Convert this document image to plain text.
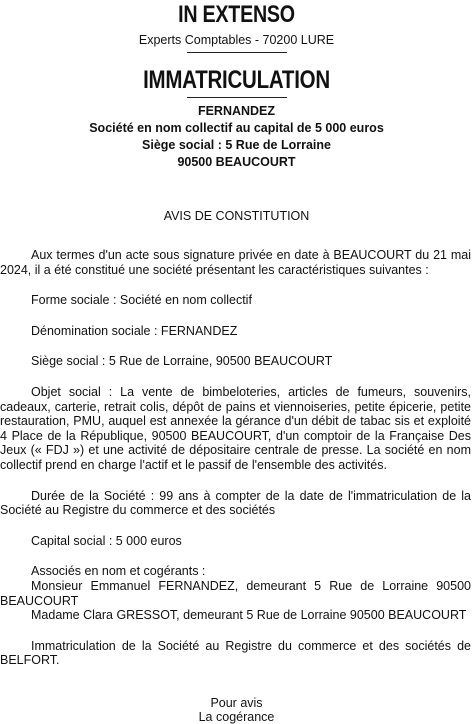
IN EXTENSO
Experts Comptables - 70200 LURE
IMMATRICULATION
FERNANDEZ
Société en nom collectif au capital de 5 000 euros
Siège social : 5 Rue de Lorraine
90500 BEAUCOURT
AVIS DE CONSTITUTION

Aux termes d'un acte sous signature privée en date à BEAUCOURT du 21 mai 2024, il a été constitué une société présentant les caractéristiques suivantes :

Forme sociale : Société en nom collectif

Dénomination sociale : FERNANDEZ

Siège social : 5 Rue de Lorraine, 90500 BEAUCOURT

Objet social : La vente de bimbeloteries, articles de fumeurs, souvenirs, cadeaux, carterie, retrait colis, dépôt de pains et viennoiseries, petite épicerie, petite restauration, PMU, auquel est annexée la gérance d'un débit de tabac sis et exploité 4 Place de la République, 90500 BEAUCOURT, d'un comptoir de la Française Des Jeux (« FDJ ») et une activité de dépositaire centrale de presse. La société en nom collectif prend en charge l'actif et le passif de l'ensemble des activités.

Durée de la Société : 99 ans à compter de la date de l'immatriculation de la Société au Registre du commerce et des sociétés

Capital social : 5 000 euros

Associés en nom et cogérants :

Monsieur Emmanuel FERNANDEZ, demeurant 5 Rue de Lorraine 90500 BEAUCOURT

Madame Clara GRESSOT, demeurant 5 Rue de Lorraine 90500 BEAUCOURT

Immatriculation de la Société au Registre du commerce et des sociétés de BELFORT.

Pour avis
La cogérance
